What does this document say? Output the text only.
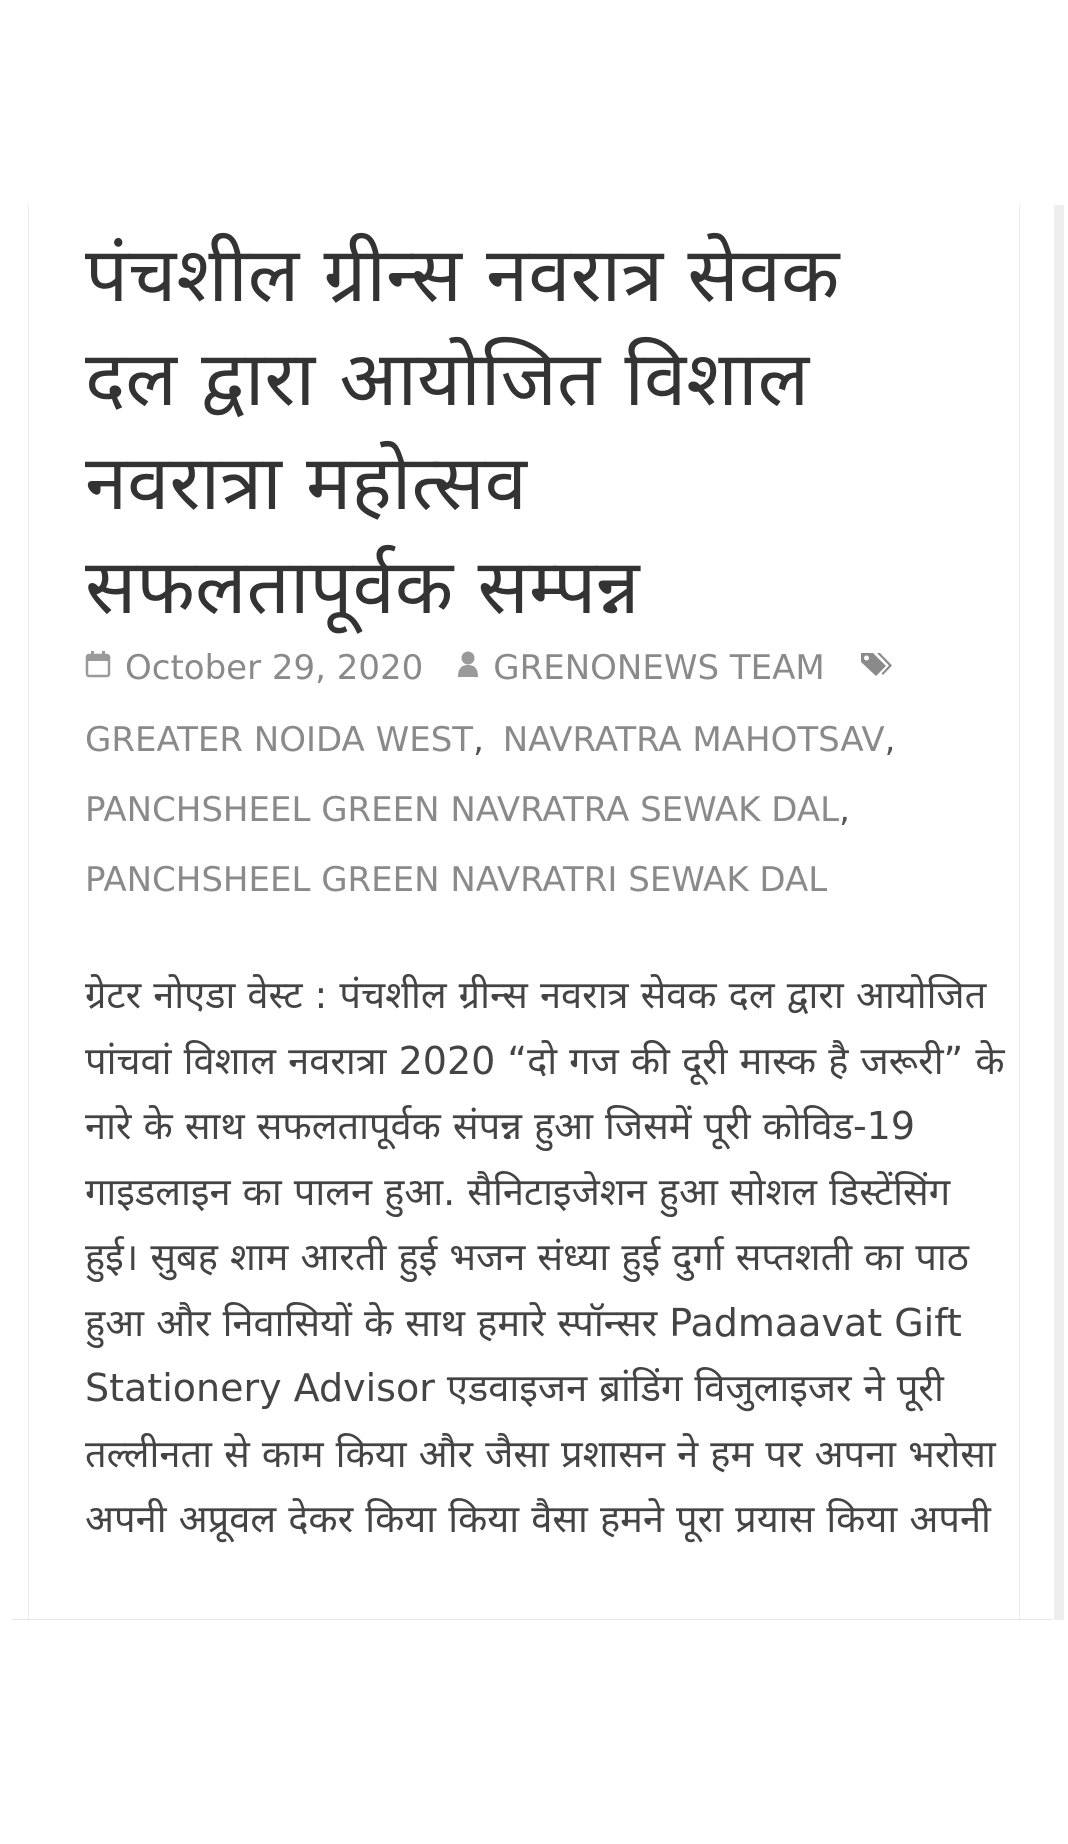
पंचशील ग्रीन्स नवरात्र सेवक
दल द्वारा आयोजित विशाल
नवरात्रा महोत्सव
सफलतापूर्वक सम्पन्न
October 29, 2020 GRENONEWS TEAM
GREATER NOIDA WEST, NAVRATRA MAHOTSAV,
PANCHSHEEL GREEN NAVRATRA SEWAK DAL,
PANCHSHEEL GREEN NAVRATRI SEWAK DAL

ग्रेटर नोएडा वेस्ट : पंचशील ग्रीन्स नवरात्र सेवक दल द्वारा आयोजित पांचवां विशाल नवरात्रा 2020 “दो गज की दूरी मास्क है जरूरी” के नारे के साथ सफलतापूर्वक संपन्न हुआ जिसमें पूरी कोविड-19 गाइडलाइन का पालन हुआ. सैनिटाइजेशन हुआ सोशल डिस्टेंसिंग हुई। सुबह शाम आरती हुई भजन संध्या हुई दुर्गा सप्तशती का पाठ हुआ और निवासियों के साथ हमारे स्पॉन्सर Padmaavat Gift Stationery Advisor एडवाइजन ब्रांडिंग विजुलाइजर ने पूरी तल्लीनता से काम किया और जैसा प्रशासन ने हम पर अपना भरोसा अपनी अप्रूवल देकर किया किया वैसा हमने पूरा प्रयास किया अपनी
